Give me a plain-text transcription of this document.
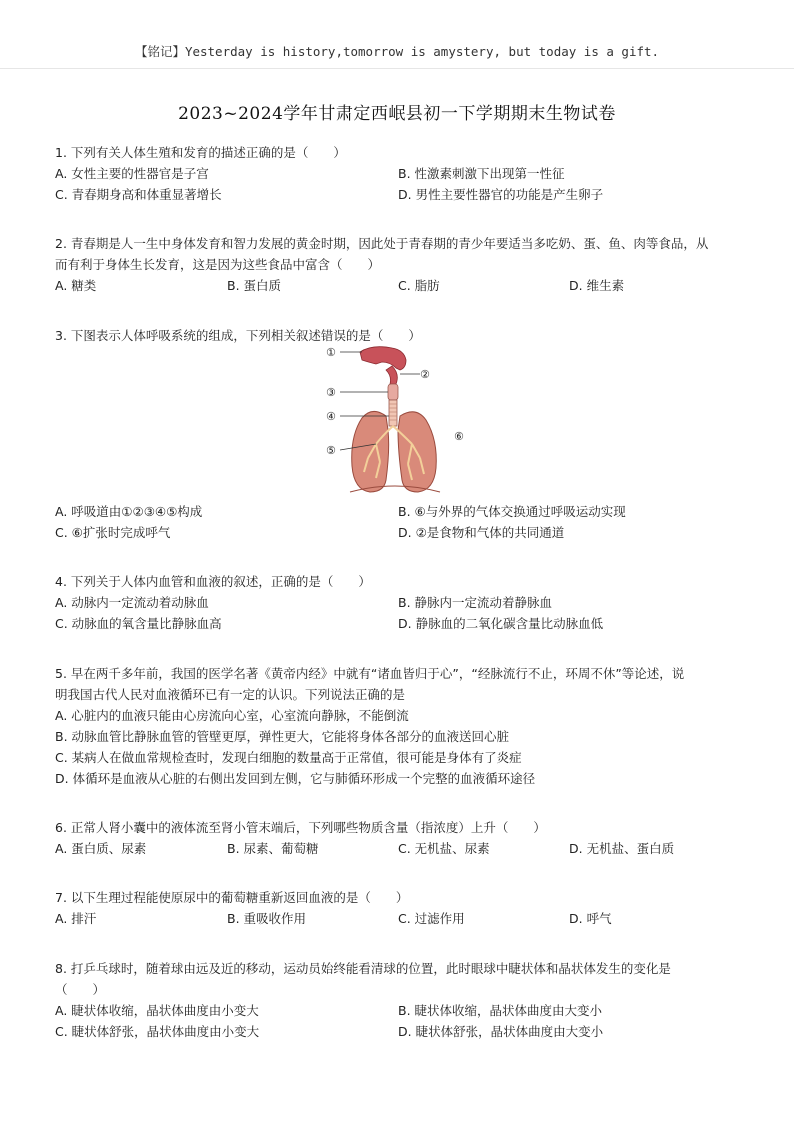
【铭记】Yesterday is history,tomorrow is amystery, but today is a gift.
2023~2024学年甘肃定西岷县初一下学期期末生物试卷
1. 下列有关人体生殖和发育的描述正确的是（　　）
A. 女性主要的性器官是子宫	B. 性激素刺激下出现第一性征
C. 青春期身高和体重显著增长	D. 男性主要性器官的功能是产生卵子
2. 青春期是人一生中身体发育和智力发展的黄金时期，因此处于青春期的青少年要适当多吃奶、蛋、鱼、肉等食品，从
而有利于身体生长发育，这是因为这些食品中富含（　　）
A. 糖类	B. 蛋白质	C. 脂肪	D. 维生素
3. 下图表示人体呼吸系统的组成，下列相关叙述错误的是（　　）
①
②
③
④
⑤
⑥
A. 呼吸道由①②③④⑤构成	B. ⑥与外界的气体交换通过呼吸运动实现
C. ⑥扩张时完成呼气	D. ②是食物和气体的共同通道
4. 下列关于人体内血管和血液的叙述，正确的是（　　）
A. 动脉内一定流动着动脉血	B. 静脉内一定流动着静脉血
C. 动脉血的氧含量比静脉血高	D. 静脉血的二氧化碳含量比动脉血低
5. 早在两千多年前，我国的医学名著《黄帝内经》中就有“诸血皆归于心”，“经脉流行不止，环周不休”等论述，说
明我国古代人民对血液循环已有一定的认识。下列说法正确的是
A. 心脏内的血液只能由心房流向心室，心室流向静脉，不能倒流
B. 动脉血管比静脉血管的管壁更厚，弹性更大，它能将身体各部分的血液送回心脏
C. 某病人在做血常规检查时，发现白细胞的数量高于正常值，很可能是身体有了炎症
D. 体循环是血液从心脏的右侧出发回到左侧，它与肺循环形成一个完整的血液循环途径
6. 正常人肾小囊中的液体流至肾小管末端后，下列哪些物质含量（指浓度）上升（　　）
A. 蛋白质、尿素	B. 尿素、葡萄糖	C. 无机盐、尿素	D. 无机盐、蛋白质
7. 以下生理过程能使原尿中的葡萄糖重新返回血液的是（　　）
A. 排汗	B. 重吸收作用	C. 过滤作用	D. 呼气
8. 打乒乓球时，随着球由远及近的移动，运动员始终能看清球的位置，此时眼球中睫状体和晶状体发生的变化是
（　　）
A. 睫状体收缩，晶状体曲度由小变大	B. 睫状体收缩，晶状体曲度由大变小
C. 睫状体舒张，晶状体曲度由小变大	D. 睫状体舒张，晶状体曲度由大变小
